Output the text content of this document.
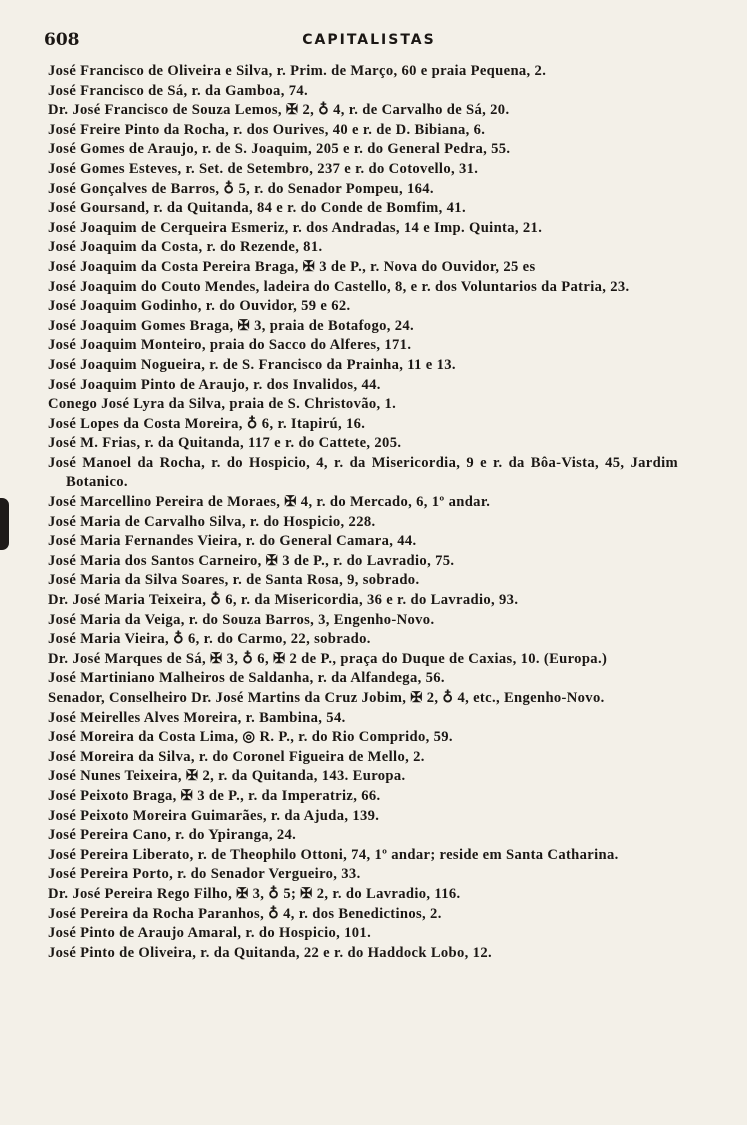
608	CAPITALISTAS
José Francisco de Oliveira e Silva, r. Prim. de Março, 60 e praia Pequena, 2.
José Francisco de Sá, r. da Gamboa, 74.
Dr. José Francisco de Souza Lemos, ✠ 2, ♁ 4, r. de Carvalho de Sá, 20.
José Freire Pinto da Rocha, r. dos Ourives, 40 e r. de D. Bibiana, 6.
José Gomes de Araujo, r. de S. Joaquim, 205 e r. do General Pedra, 55.
José Gomes Esteves, r. Set. de Setembro, 237 e r. do Cotovello, 31.
José Gonçalves de Barros, ♁ 5, r. do Senador Pompeu, 164.
José Goursand, r. da Quitanda, 84 e r. do Conde de Bomfim, 41.
José Joaquim de Cerqueira Esmeriz, r. dos Andradas, 14 e Imp. Quinta, 21.
José Joaquim da Costa, r. do Rezende, 81.
José Joaquim da Costa Pereira Braga, ✠ 3 de P., r. Nova do Ouvidor, 25 es
José Joaquim do Couto Mendes, ladeira do Castello, 8, e r. dos Voluntarios da Patria, 23.
José Joaquim Godinho, r. do Ouvidor, 59 e 62.
José Joaquim Gomes Braga, ✠ 3, praia de Botafogo, 24.
José Joaquim Monteiro, praia do Sacco do Alferes, 171.
José Joaquim Nogueira, r. de S. Francisco da Prainha, 11 e 13.
José Joaquim Pinto de Araujo, r. dos Invalidos, 44.
Conego José Lyra da Silva, praia de S. Christovão, 1.
José Lopes da Costa Moreira, ♁ 6, r. Itapirú, 16.
José M. Frias, r. da Quitanda, 117 e r. do Cattete, 205.
José Manoel da Rocha, r. do Hospicio, 4, r. da Misericordia, 9 e r. da Bôa-Vista, 45, Jardim Botanico.
José Marcellino Pereira de Moraes, ✠ 4, r. do Mercado, 6, 1º andar.
José Maria de Carvalho Silva, r. do Hospicio, 228.
José Maria Fernandes Vieira, r. do General Camara, 44.
José Maria dos Santos Carneiro, ✠ 3 de P., r. do Lavradio, 75.
José Maria da Silva Soares, r. de Santa Rosa, 9, sobrado.
Dr. José Maria Teixeira, ♁ 6, r. da Misericordia, 36 e r. do Lavradio, 93.
José Maria da Veiga, r. do Souza Barros, 3, Engenho-Novo.
José Maria Vieira, ♁ 6, r. do Carmo, 22, sobrado.
Dr. José Marques de Sá, ✠ 3, ♁ 6, ✠ 2 de P., praça do Duque de Caxias, 10. (Europa.)
José Martiniano Malheiros de Saldanha, r. da Alfandega, 56.
Senador, Conselheiro Dr. José Martins da Cruz Jobim, ✠ 2, ♁ 4, etc., Engenho-Novo.
José Meirelles Alves Moreira, r. Bambina, 54.
José Moreira da Costa Lima, ◎ R. P., r. do Rio Comprido, 59.
José Moreira da Silva, r. do Coronel Figueira de Mello, 2.
José Nunes Teixeira, ✠ 2, r. da Quitanda, 143. Europa.
José Peixoto Braga, ✠ 3 de P., r. da Imperatriz, 66.
José Peixoto Moreira Guimarães, r. da Ajuda, 139.
José Pereira Cano, r. do Ypiranga, 24.
José Pereira Liberato, r. de Theophilo Ottoni, 74, 1º andar; reside em Santa Catharina.
José Pereira Porto, r. do Senador Vergueiro, 33.
Dr. José Pereira Rego Filho, ✠ 3, ♁ 5; ✠ 2, r. do Lavradio, 116.
José Pereira da Rocha Paranhos, ♁ 4, r. dos Benedictinos, 2.
José Pinto de Araujo Amaral, r. do Hospicio, 101.
José Pinto de Oliveira, r. da Quitanda, 22 e r. do Haddock Lobo, 12.
